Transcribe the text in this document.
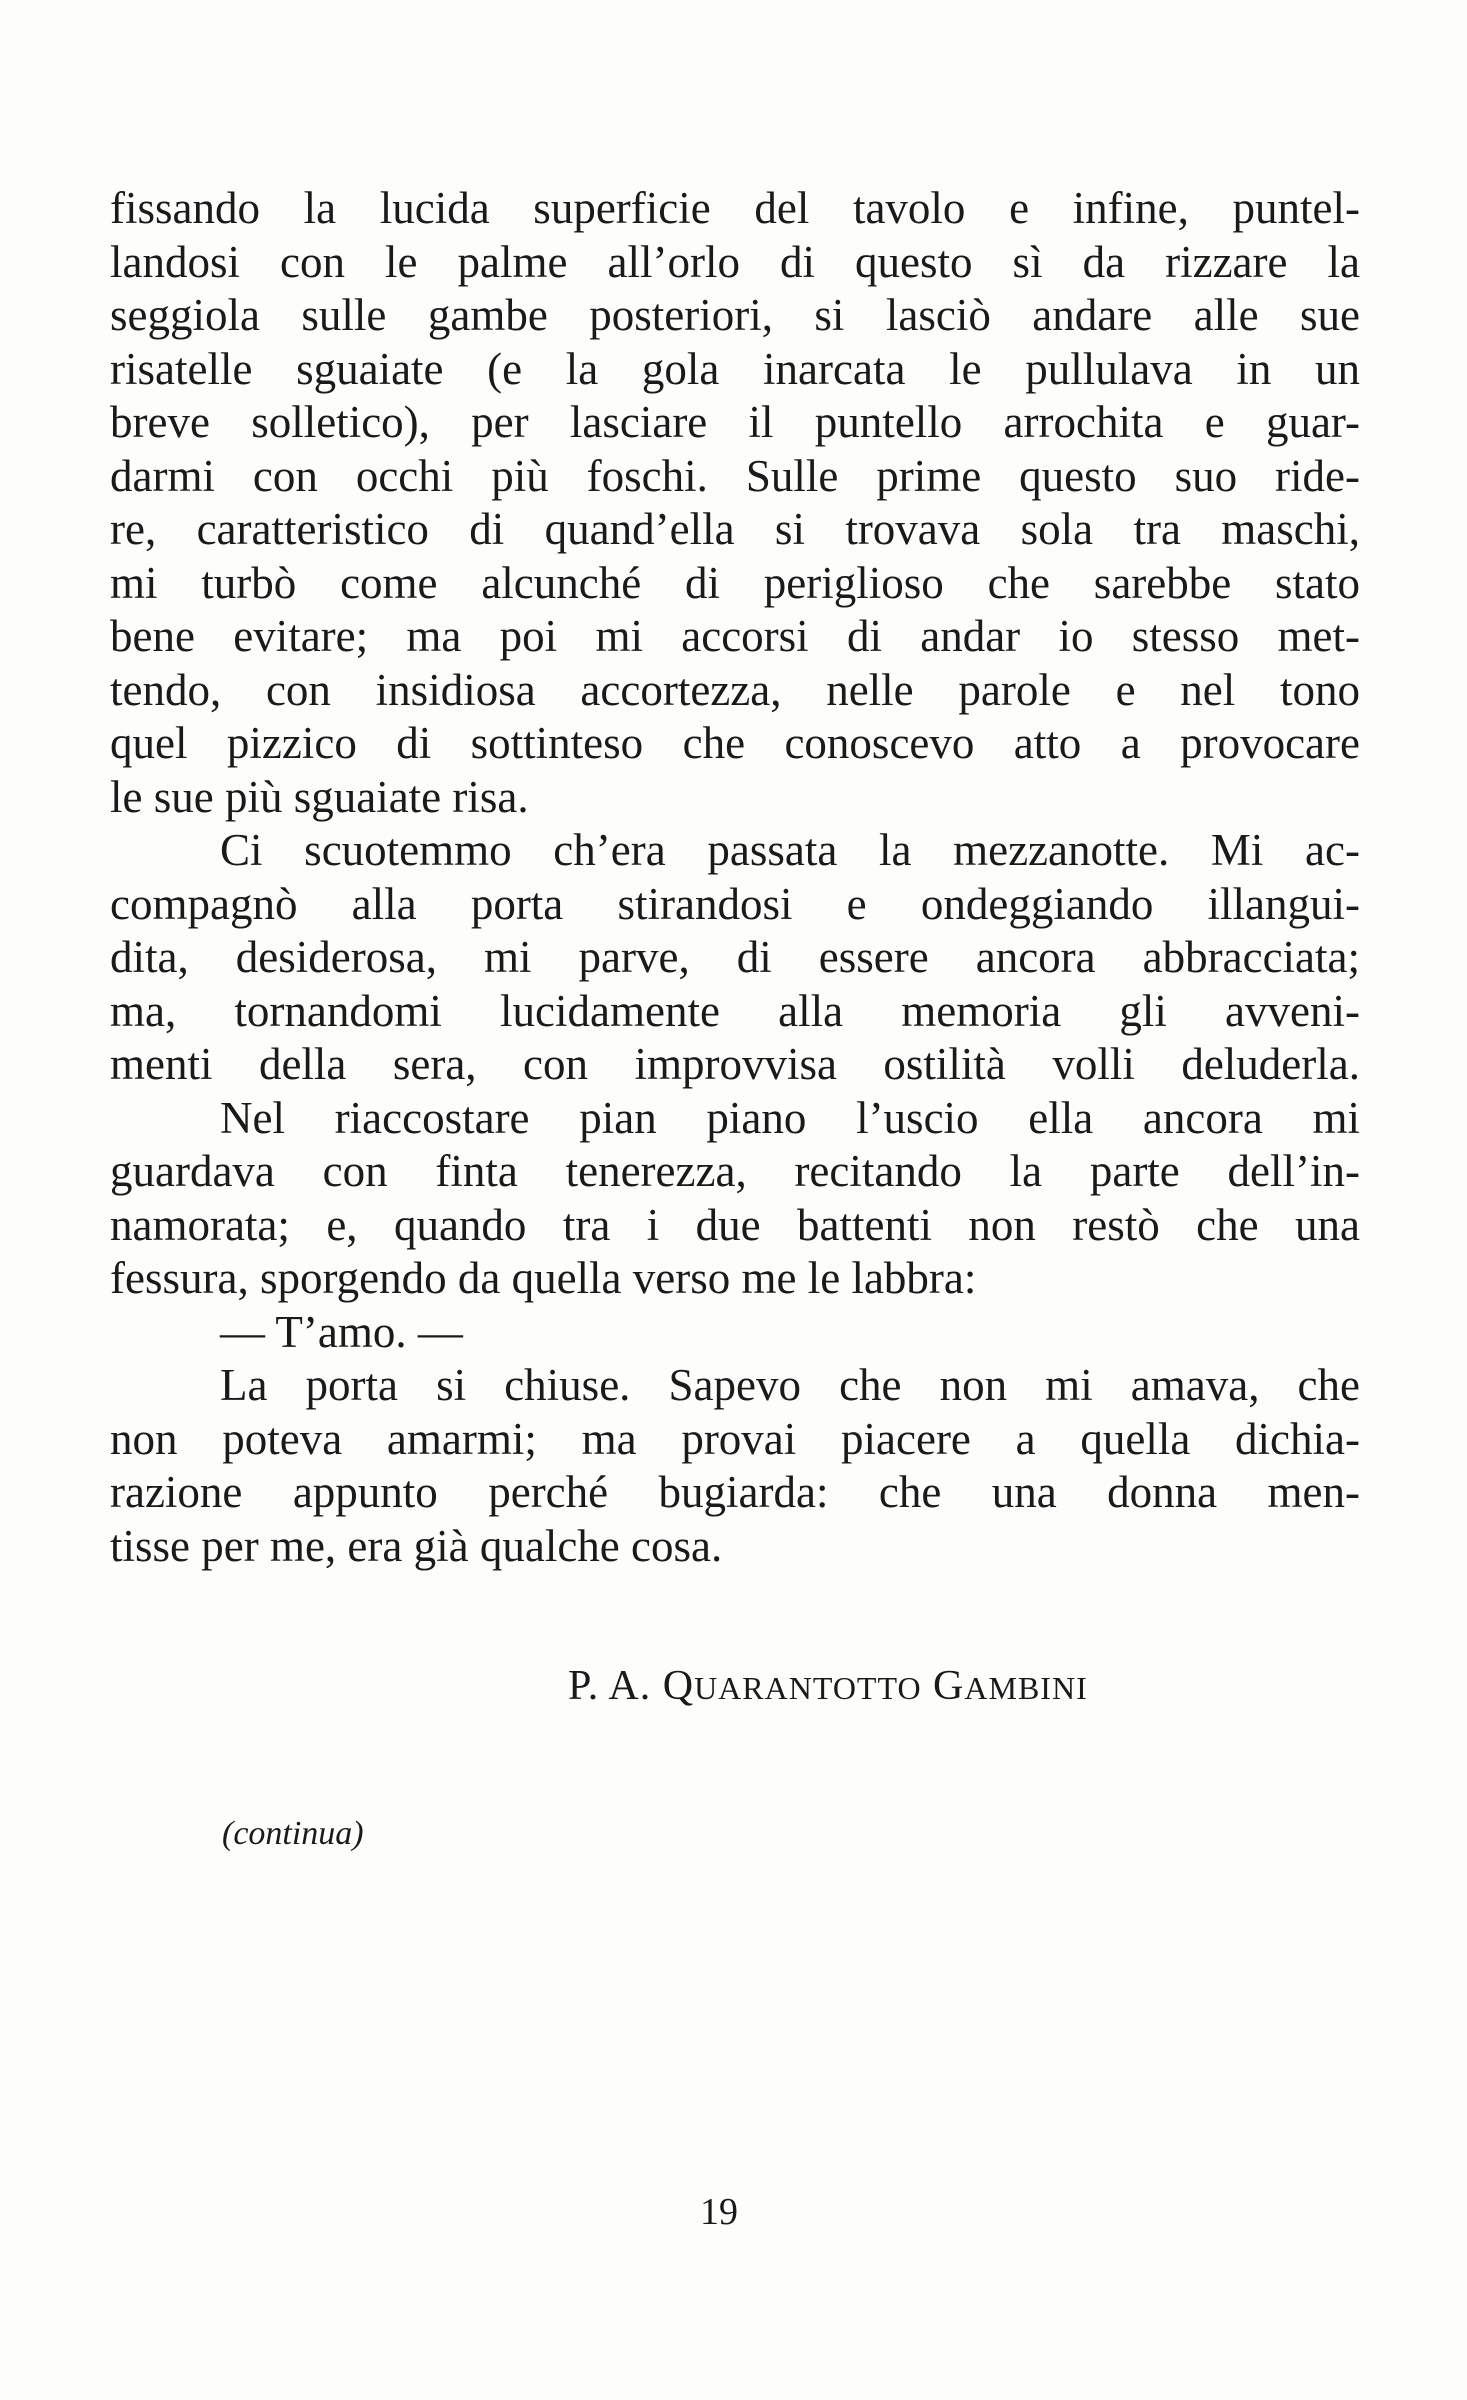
fissando la lucida superficie del tavolo e infine, puntel-
landosi con le palme all’orlo di questo sì da rizzare la
seggiola sulle gambe posteriori, si lasciò andare alle sue
risatelle sguaiate (e la gola inarcata le pullulava in un
breve solletico), per lasciare il puntello arrochita e guar-
darmi con occhi più foschi. Sulle prime questo suo ride-
re, caratteristico di quand’ella si trovava sola tra maschi,
mi turbò come alcunché di periglioso che sarebbe stato
bene evitare; ma poi mi accorsi di andar io stesso met-
tendo, con insidiosa accortezza, nelle parole e nel tono
quel pizzico di sottinteso che conoscevo atto a provocare
le sue più sguaiate risa.
Ci scuotemmo ch’era passata la mezzanotte. Mi ac-
compagnò alla porta stirandosi e ondeggiando illangui-
dita, desiderosa, mi parve, di essere ancora abbracciata;
ma, tornandomi lucidamente alla memoria gli avveni-
menti della sera, con improvvisa ostilità volli deluderla.
Nel riaccostare pian piano l’uscio ella ancora mi
guardava con finta tenerezza, recitando la parte dell’in-
namorata; e, quando tra i due battenti non restò che una
fessura, sporgendo da quella verso me le labbra:
— T’amo. —
La porta si chiuse. Sapevo che non mi amava, che
non poteva amarmi; ma provai piacere a quella dichia-
razione appunto perché bugiarda: che una donna men-
tisse per me, era già qualche cosa.
P. A. QUARANTOTTO GAMBINI
(continua)
19
